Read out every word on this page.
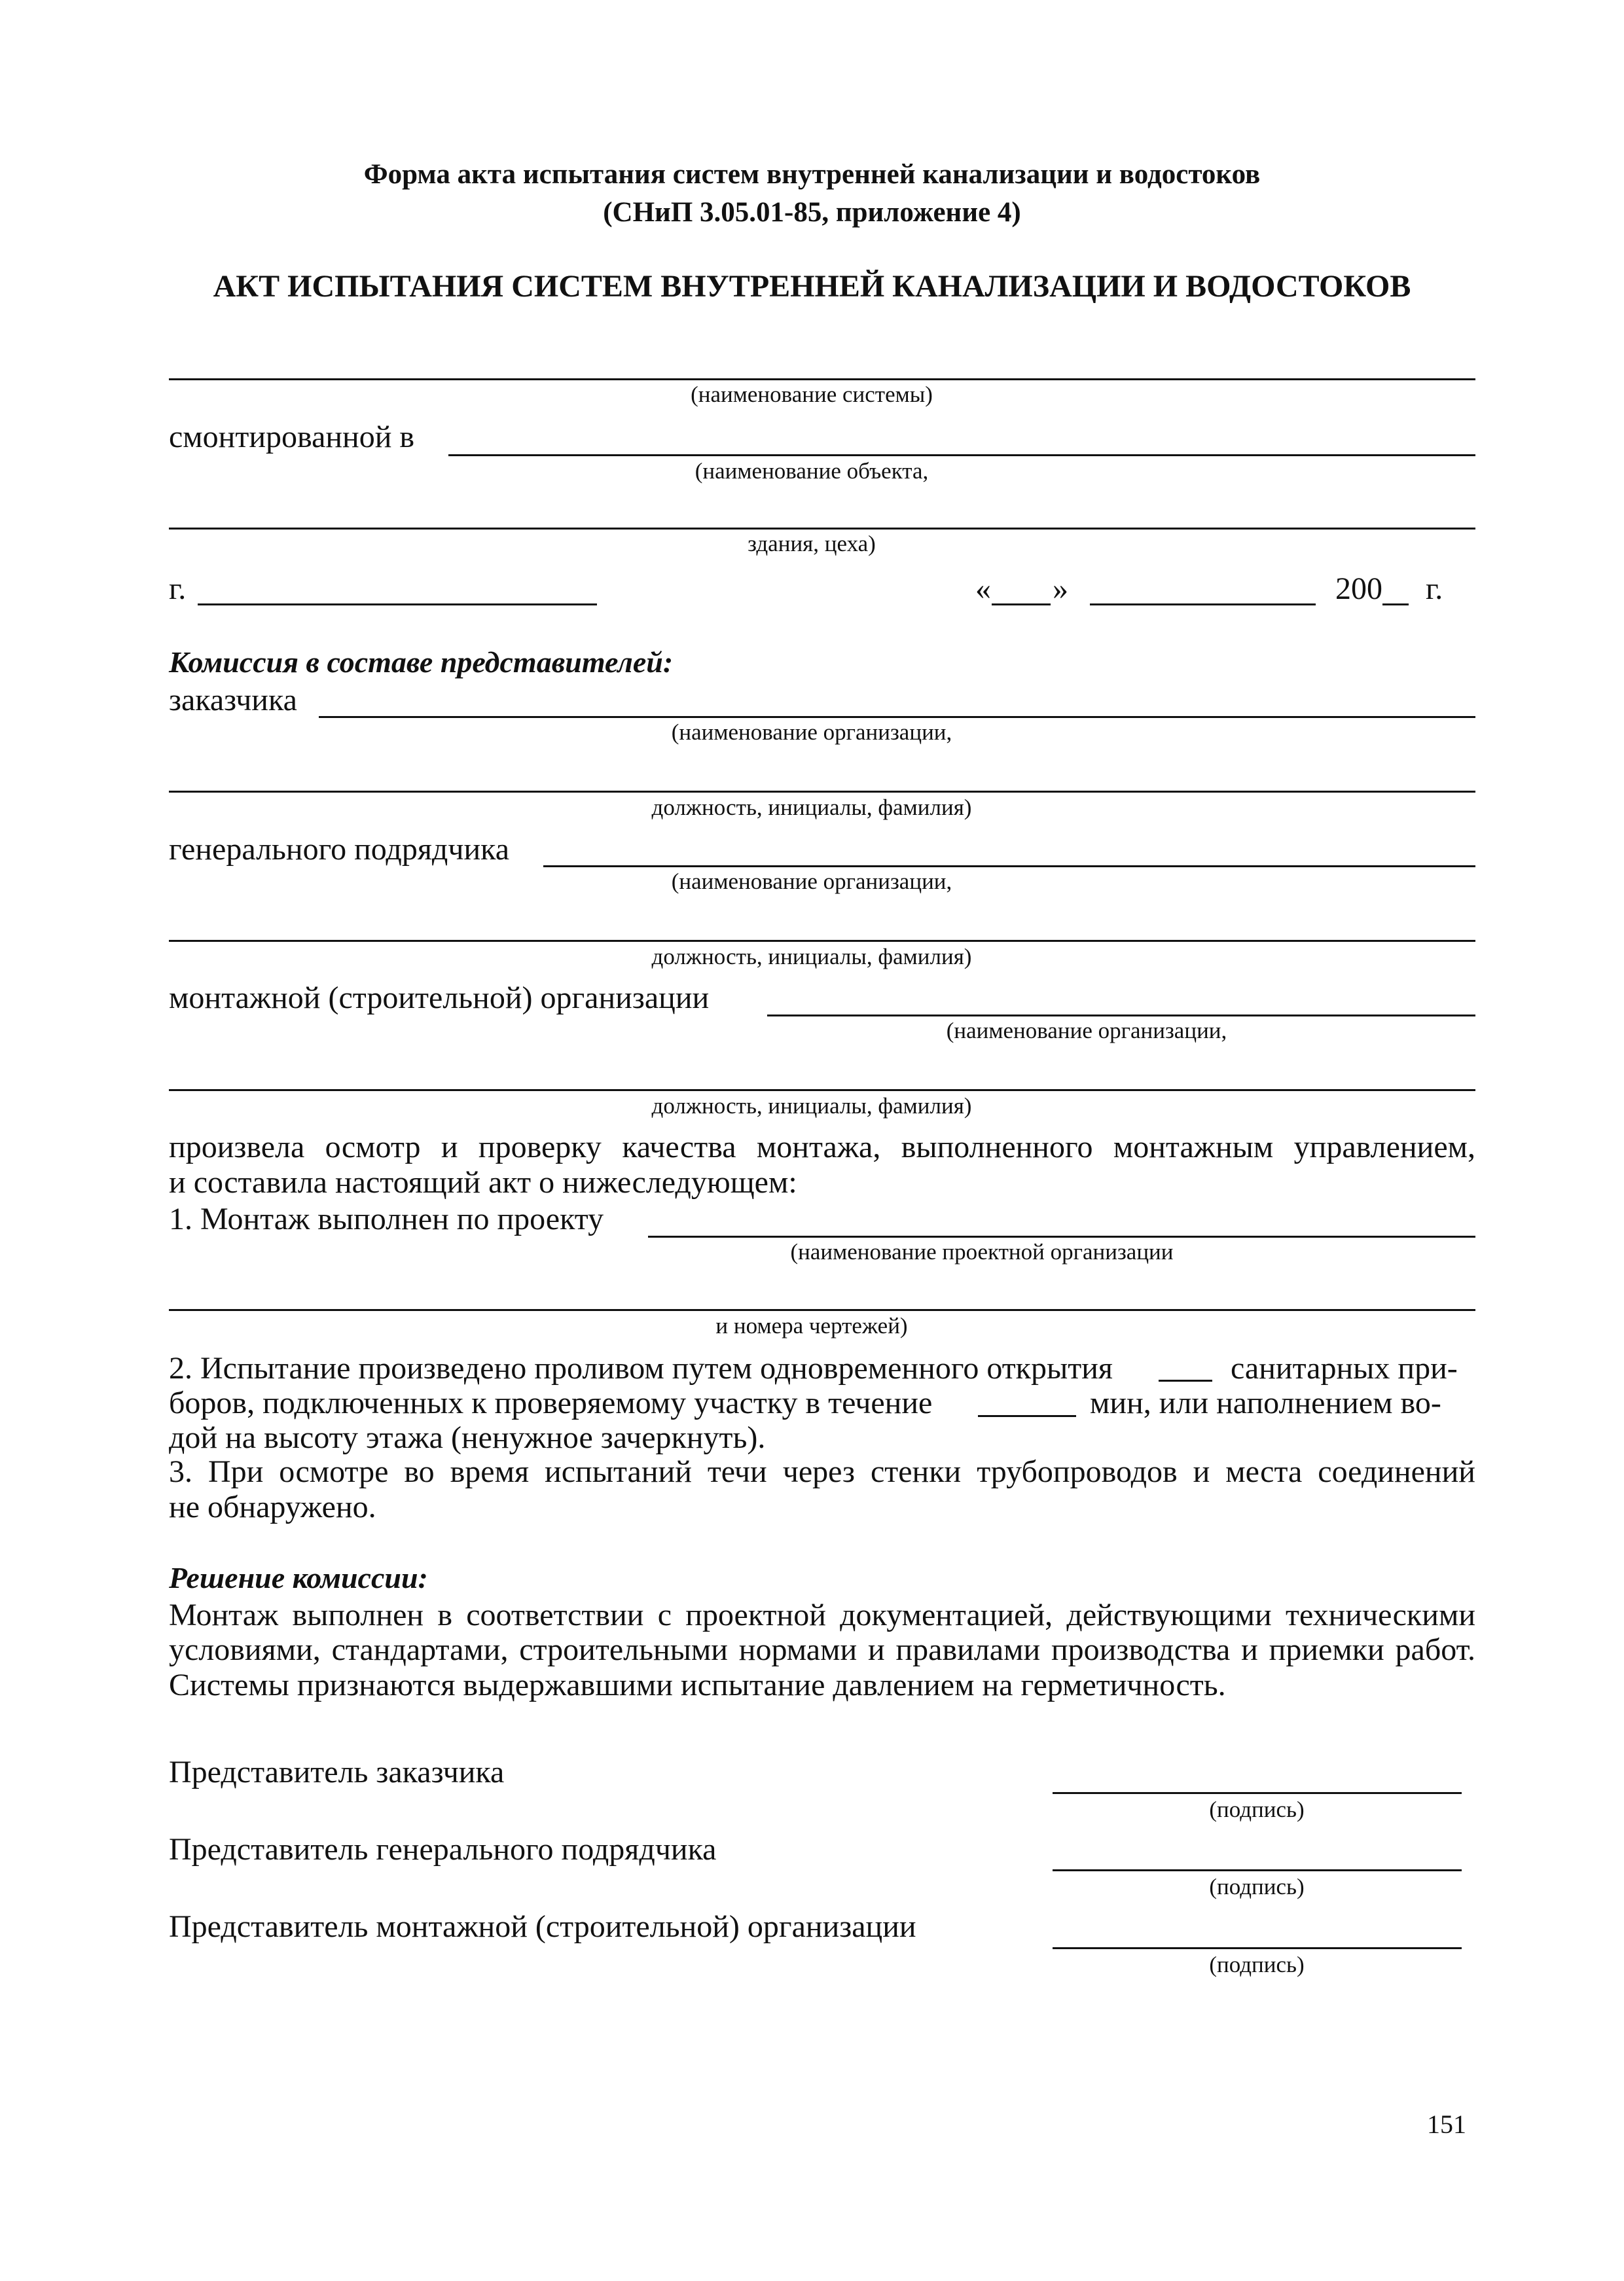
Форма акта испытания систем внутренней канализации и водостоков
(СНиП 3.05.01-85, приложение 4)
АКТ ИСПЫТАНИЯ СИСТЕМ ВНУТРЕННЕЙ КАНАЛИЗАЦИИ И ВОДОСТОКОВ
(наименование системы)
смонтированной в
(наименование объекта,
здания, цеха)
г.	« »	200 г.
Комиссия в составе представителей:
заказчика
(наименование организации,
должность, инициалы, фамилия)
генерального подрядчика
(наименование организации,
должность, инициалы, фамилия)
монтажной (строительной) организации
(наименование организации,
должность, инициалы, фамилия)
произвела осмотр и проверку качества монтажа, выполненного монтажным управлением,
и составила настоящий акт о нижеследующем:
1. Монтаж выполнен по проекту
(наименование проектной организации
и номера чертежей)
2. Испытание произведено проливом путем одновременного открытия	санитарных при-
боров, подключенных к проверяемому участку в течение	мин, или наполнением во-
дой на высоту этажа (ненужное зачеркнуть).
3. При осмотре во время испытаний течи через стенки трубопроводов и места соединений
не обнаружено.
Решение комиссии:
Монтаж выполнен в соответствии с проектной документацией, действующими техническими
условиями, стандартами, строительными нормами и правилами производства и приемки работ.
Системы признаются выдержавшими испытание давлением на герметичность.
Представитель заказчика
(подпись)
Представитель генерального подрядчика
(подпись)
Представитель монтажной (строительной) организации
(подпись)
151
